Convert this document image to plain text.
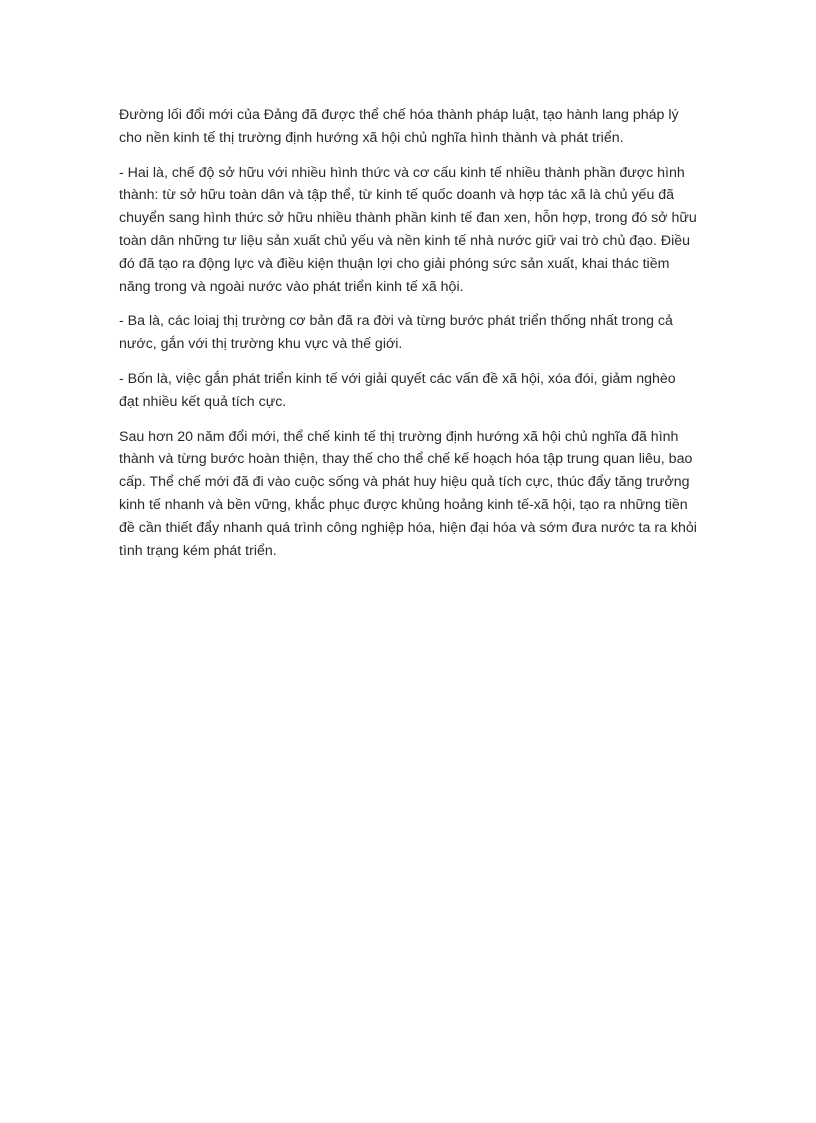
Đường lối đổi mới của Đảng đã được thể chế hóa thành pháp luật, tạo hành lang pháp lý cho nền kinh tế thị trường định hướng xã hội chủ nghĩa hình thành và phát triển.

- Hai là, chế độ sở hữu với nhiều hình thức và cơ cấu kinh tế nhiều thành phần được hình thành: từ sở hữu toàn dân và tập thể, từ kinh tế quốc doanh và hợp tác xã là chủ yếu đã chuyển sang hình thức sở hữu nhiều thành phần kinh tế đan xen, hỗn hợp, trong đó sở hữu toàn dân những tư liệu sản xuất chủ yếu và nền kinh tế nhà nước giữ vai trò chủ đạo. Điều đó đã tạo ra động lực và điều kiện thuận lợi cho giải phóng sức sản xuất, khai thác tiềm năng trong và ngoài nước vào phát triển kinh tế xã hội.

- Ba là, các loiaj thị trường cơ bản đã ra đời và từng bước phát triển thống nhất trong cả nước, gắn với thị trường khu vực và thế giới.

- Bốn là, việc gắn phát triển kinh tế với giải quyết các vấn đề xã hội, xóa đói, giảm nghèo đạt nhiều kết quả tích cực.

Sau hơn 20 năm đổi mới, thể chế kinh tế thị trường định hướng xã hội chủ nghĩa đã hình thành và từng bước hoàn thiện, thay thế cho thể chế kế hoạch hóa tập trung quan liêu, bao cấp. Thể chế mới đã đi vào cuộc sống và phát huy hiệu quả tích cực, thúc đẩy tăng trưởng kinh tế nhanh và bền vững, khắc phục được khủng hoảng kinh tế-xã hội, tạo ra những tiền đề cần thiết đẩy nhanh quá trình công nghiệp hóa, hiện đại hóa và sớm đưa nước ta ra khỏi tình trạng kém phát triển.
